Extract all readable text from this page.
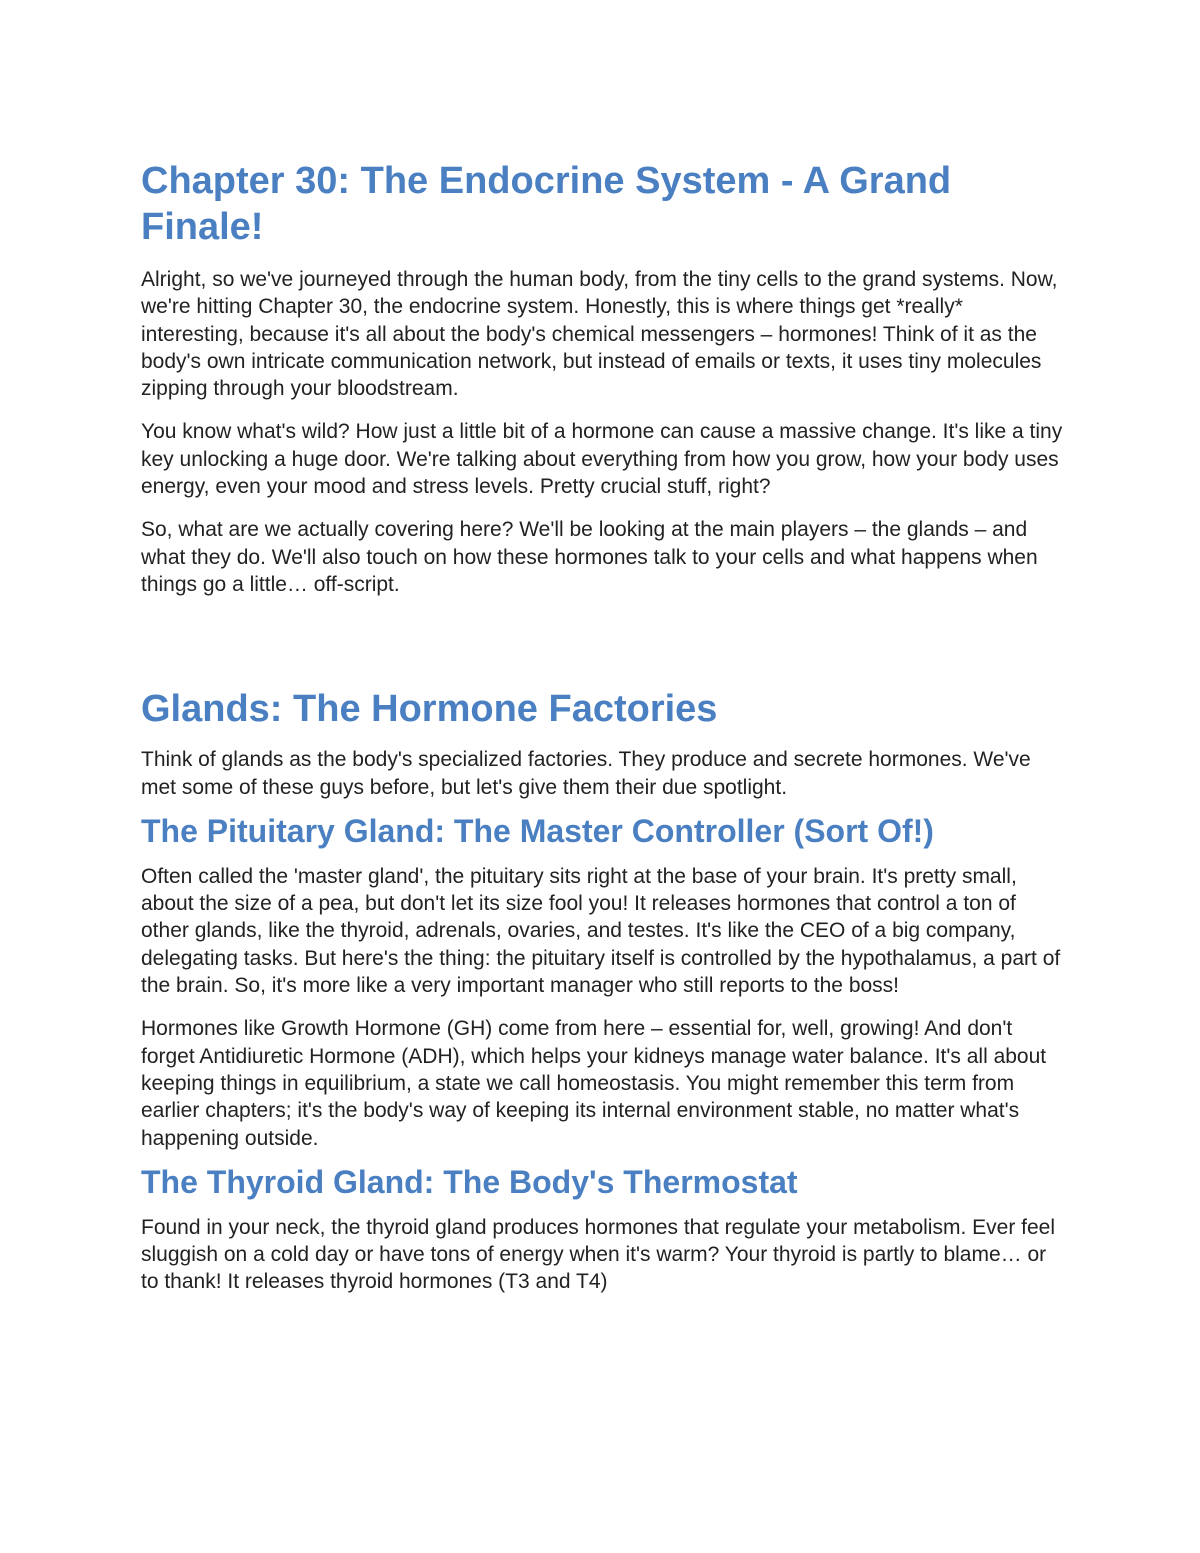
Chapter 30: The Endocrine System - A Grand Finale!

Alright, so we've journeyed through the human body, from the tiny cells to the grand systems. Now, we're hitting Chapter 30, the endocrine system. Honestly, this is where things get *really* interesting, because it's all about the body's chemical messengers – hormones! Think of it as the body's own intricate communication network, but instead of emails or texts, it uses tiny molecules zipping through your bloodstream.

You know what's wild? How just a little bit of a hormone can cause a massive change. It's like a tiny key unlocking a huge door. We're talking about everything from how you grow, how your body uses energy, even your mood and stress levels. Pretty crucial stuff, right?

So, what are we actually covering here? We'll be looking at the main players – the glands – and what they do. We'll also touch on how these hormones talk to your cells and what happens when things go a little… off-script.

Glands: The Hormone Factories

Think of glands as the body's specialized factories. They produce and secrete hormones. We've met some of these guys before, but let's give them their due spotlight.

The Pituitary Gland: The Master Controller (Sort Of!)

Often called the 'master gland', the pituitary sits right at the base of your brain. It's pretty small, about the size of a pea, but don't let its size fool you! It releases hormones that control a ton of other glands, like the thyroid, adrenals, ovaries, and testes. It's like the CEO of a big company, delegating tasks. But here's the thing: the pituitary itself is controlled by the hypothalamus, a part of the brain. So, it's more like a very important manager who still reports to the boss!

Hormones like Growth Hormone (GH) come from here – essential for, well, growing! And don't forget Antidiuretic Hormone (ADH), which helps your kidneys manage water balance. It's all about keeping things in equilibrium, a state we call homeostasis. You might remember this term from earlier chapters; it's the body's way of keeping its internal environment stable, no matter what's happening outside.

The Thyroid Gland: The Body's Thermostat

Found in your neck, the thyroid gland produces hormones that regulate your metabolism. Ever feel sluggish on a cold day or have tons of energy when it's warm? Your thyroid is partly to blame… or to thank! It releases thyroid hormones (T3 and T4)
